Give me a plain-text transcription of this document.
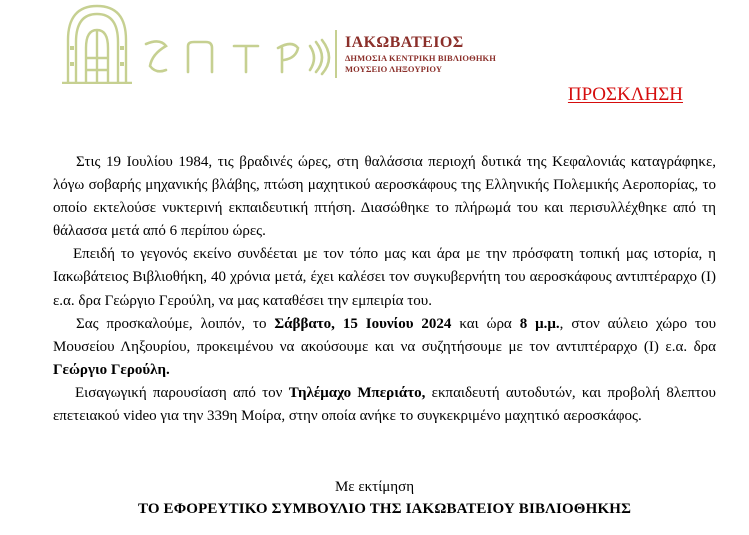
ΙΑΚΩΒΑΤΕΙΟΣ
ΔΗΜΟΣΙΑ ΚΕΝΤΡΙΚΗ ΒΙΒΛΙΟΘΗΚΗ
ΜΟΥΣΕΙΟ ΛΗΞΟΥΡΙΟΥ
ΠΡΟΣΚΛΗΣΗ

Στις 19 Ιουλίου 1984, τις βραδινές ώρες, στη θαλάσσια περιοχή δυτικά της Κεφαλονιάς καταγράφηκε, λόγω σοβαρής μηχανικής βλάβης, πτώση μαχητικού αεροσκάφους της Ελληνικής Πολεμικής Αεροπορίας, το οποίο εκτελούσε νυκτερινή εκπαιδευτική πτήση. Διασώθηκε το πλήρωμά του και περισυλλέχθηκε από τη θάλασσα μετά από 6 περίπου ώρες.

Επειδή το γεγονός εκείνο συνδέεται με τον τόπο μας και άρα με την πρόσφατη τοπική μας ιστορία, η Ιακωβάτειος Βιβλιοθήκη, 40 χρόνια μετά, έχει καλέσει τον συγκυβερνήτη του αεροσκάφους αντιπτέραρχο (Ι) ε.α. δρα Γεώργιο Γερούλη, να μας καταθέσει την εμπειρία του.

Σας προσκαλούμε, λοιπόν, το Σάββατο, 15 Ιουνίου 2024 και ώρα 8 μ.μ., στον αύλειο χώρο του Μουσείου Ληξουρίου, προκειμένου να ακούσουμε και να συζητήσουμε με τον αντιπτέραρχο (Ι) ε.α. δρα Γεώργιο Γερούλη.

Εισαγωγική παρουσίαση από τον Τηλέμαχο Μπεριάτο, εκπαιδευτή αυτοδυτών, και προβολή 8λεπτου επετειακού video για την 339η Μοίρα, στην οποία ανήκε το συγκεκριμένο μαχητικό αεροσκάφος.

Με εκτίμηση
ΤΟ ΕΦΟΡΕΥΤΙΚΟ ΣΥΜΒΟΥΛΙΟ ΤΗΣ ΙΑΚΩΒΑΤΕΙΟΥ ΒΙΒΛΙΟΘΗΚΗΣ
